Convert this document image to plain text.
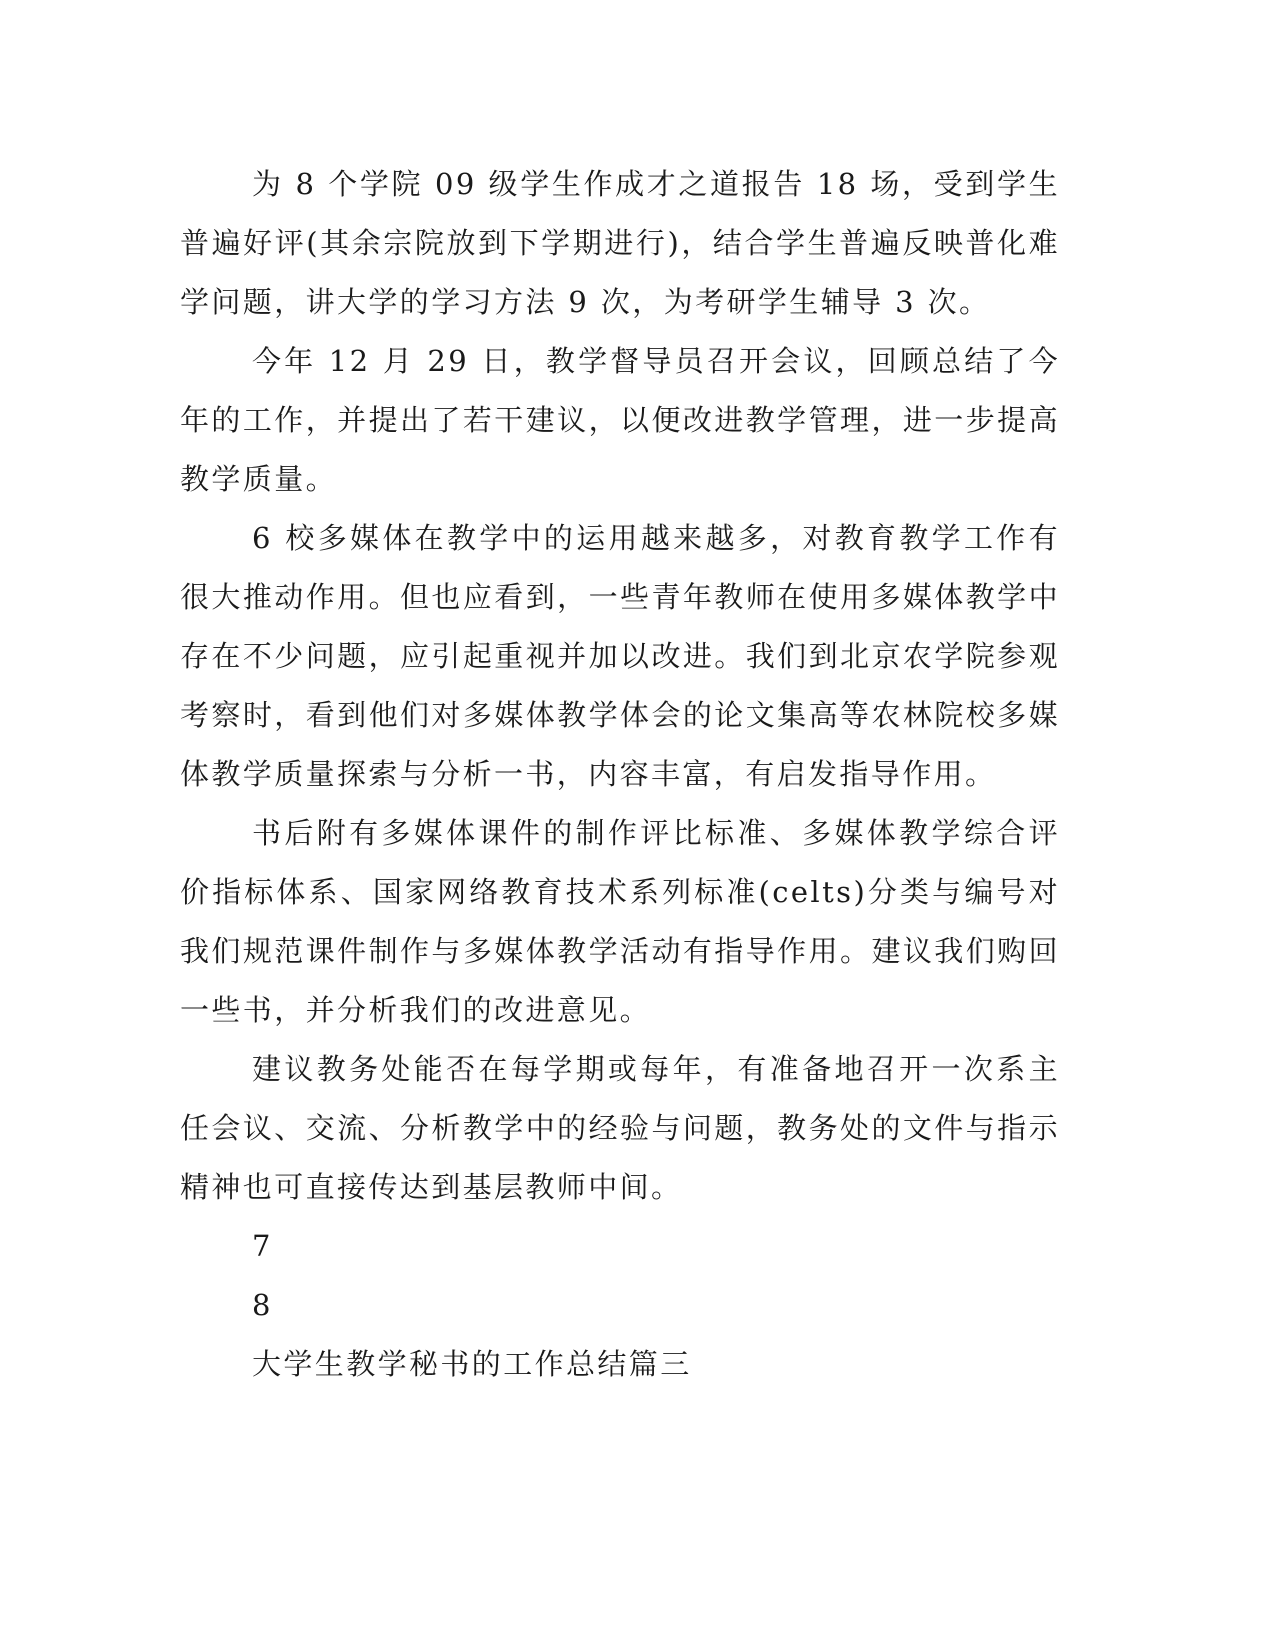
为 8 个学院 09 级学生作成才之道报告 18 场，受到学生普遍好评(其余宗院放到下学期进行)，结合学生普遍反映普化难学问题，讲大学的学习方法 9 次，为考研学生辅导 3 次。

今年 12 月 29 日，教学督导员召开会议，回顾总结了今年的工作，并提出了若干建议，以便改进教学管理，进一步提高教学质量。

6 校多媒体在教学中的运用越来越多，对教育教学工作有很大推动作用。但也应看到，一些青年教师在使用多媒体教学中存在不少问题，应引起重视并加以改进。我们到北京农学院参观考察时，看到他们对多媒体教学体会的论文集高等农林院校多媒体教学质量探索与分析一书，内容丰富，有启发指导作用。

书后附有多媒体课件的制作评比标准、多媒体教学综合评价指标体系、国家网络教育技术系列标准(celts)分类与编号对我们规范课件制作与多媒体教学活动有指导作用。建议我们购回一些书，并分析我们的改进意见。

建议教务处能否在每学期或每年，有准备地召开一次系主任会议、交流、分析教学中的经验与问题，教务处的文件与指示精神也可直接传达到基层教师中间。

7

8

大学生教学秘书的工作总结篇三
